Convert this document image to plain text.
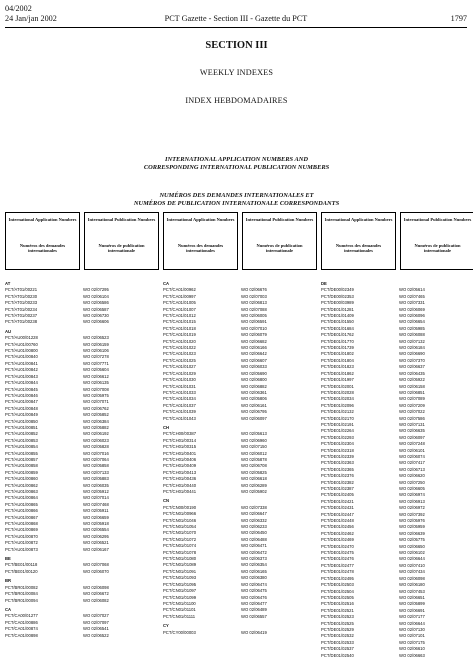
04/2002
24 Jan/jan 2002	PCT Gazette - Section III - Gazette du PCT	1797
SECTION III
WEEKLY INDEXES
INDEX HEBDOMADAIRES
INTERNATIONAL APPLICATION NUMBERS AND
CORRESPONDING INTERNATIONAL PUBLICATION NUMBERS
NUMÉROS DES DEMANDES INTERNATIONALES ET
NUMÉROS DE PUBLICATION INTERNATIONALE CORRESPONDANTS
International Application Numbers
Numéros des demandes internationales
International Publication Numbers
Numéros de publication internationale
International Application Numbers
Numéros des demandes internationales
International Publication Numbers
Numéros de publication internationale
International Application Numbers
Numéros des demandes internationales
International Publication Numbers
Numéros de publication internationale
AT
PCT/AT01/00221	WO 02/07295
PCT/AT01/00230	WO 02/06104
PCT/AT01/00233	WO 02/06586
PCT/AT01/00234	WO 02/06587
PCT/AT01/00237	WO 02/06730
PCT/AT01/00238	WO 02/06606
AU
PCT/AU00/01228	WO 02/06523
PCT/AU01/00760	WO 02/06159
PCT/AU01/00800	WO 02/06106
PCT/AU01/00840	WO 02/07278
PCT/AU01/00841	WO 02/07771
PCT/AU01/00842	WO 02/05604
PCT/AU01/00843	WO 02/06612
PCT/AU01/00844	WO 02/06135
PCT/AU01/00845	WO 02/07008
PCT/AU01/00846	WO 02/05975
PCT/AU01/00847	WO 02/07071
PCT/AU01/00848	WO 02/06762
PCT/AU01/00849	WO 02/05852
PCT/AU01/00850	WO 02/06384
PCT/AU01/00851	WO 02/05882
PCT/AU01/00852	WO 02/06192
PCT/AU01/00853	WO 02/06023
PCT/AU01/00854	WO 02/05828
PCT/AU01/00855	WO 02/07016
PCT/AU01/00857	WO 02/07064
PCT/AU01/00858	WO 02/05858
PCT/AU01/00859	WO 02/07133
PCT/AU01/00860	WO 02/05883
PCT/AU01/00862	WO 02/06035
PCT/AU01/00863	WO 02/05912
PCT/AU01/00864	WO 02/07014
PCT/AU01/00865	WO 02/07468
PCT/AU01/00866	WO 02/05911
PCT/AU01/00867	WO 02/06659
PCT/AU01/00868	WO 02/05918
PCT/AU01/00869	WO 02/06554
PCT/AU01/00870	WO 02/06295
PCT/AU01/00872	WO 02/06521
PCT/AU01/00873	WO 02/06167
BE
PCT/BE01/00118	WO 02/07068
PCT/BE01/00120	WO 02/06070
BR
PCT/BR01/00082	WO 02/06098
PCT/BR01/00084	WO 02/06672
PCT/BR01/00094	WO 02/06082
CA
PCT/CA00/01277	WO 02/07027
PCT/CA01/00886	WO 02/07097
PCT/CA01/00874	WO 02/06541
PCT/CA01/00898	WO 02/06522
CA
PCT/CA01/00962	WO 02/06676
PCT/CA01/00997	WO 02/07003
PCT/CA01/01005	WO 02/06813
PCT/CA01/01007	WO 02/07088
PCT/CA01/01012	WO 02/06005
PCT/CA01/01015	WO 02/06591
PCT/CA01/01018	WO 02/07010
PCT/CA01/01019	WO 02/06079
PCT/CA01/01020	WO 02/06682
PCT/CA01/01022	WO 02/06166
PCT/CA01/01023	WO 02/06642
PCT/CA01/01025	WO 02/06607
PCT/CA01/01027	WO 02/06033
PCT/CA01/01029	WO 02/05690
PCT/CA01/01030	WO 02/06800
PCT/CA01/01031	WO 02/06882
PCT/CA01/01033	WO 02/06361
PCT/CA01/01034	WO 02/05806
PCT/CA01/01037	WO 02/06161
PCT/CA01/01039	WO 02/06795
PCT/CA01/01043	WO 02/06097
CH
PCT/CH00/00387	WO 02/05613
PCT/CH01/00314	WO 02/06960
PCT/CH01/00315	WO 02/07150
PCT/CH01/00401	WO 02/06012
PCT/CH01/00406	WO 02/05878
PCT/CH01/00409	WO 02/06708
PCT/CH01/00413	WO 02/05825
PCT/CH01/00436	WO 02/06618
PCT/CH01/00440	WO 02/06289
PCT/CH01/00441	WO 02/05902
CN
PCT/CN00/00190	WO 02/07338
PCT/CN01/00966	WO 02/06647
PCT/CN01/01046	WO 02/06332
PCT/CN01/01054	WO 02/06233
PCT/CN01/01070	WO 02/06450
PCT/CN01/01072	WO 02/06488
PCT/CN01/01074	WO 02/06471
PCT/CN01/01078	WO 02/06472
PCT/CN01/01080	WO 02/06373
PCT/CN01/01089	WO 02/06354
PCT/CN01/01091	WO 02/06165
PCT/CN01/01093	WO 02/06380
PCT/CN01/01095	WO 02/06474
PCT/CN01/01097	WO 02/06475
PCT/CN01/01099	WO 02/06476
PCT/CN01/01100	WO 02/06477
PCT/CN01/01101	WO 02/06489
PCT/CN01/01111	WO 02/06557
CY
PCT/CY00/00003	WO 02/06419
DE
PCT/DE00/02349	WO 02/05614
PCT/DE00/02353	WO 02/07465
PCT/DE00/03989	WO 02/07331
PCT/DE01/01281	WO 02/06069
PCT/DE01/01409	WO 02/06096
PCT/DE01/01550	WO 02/06654
PCT/DE01/01684	WO 02/05985
PCT/DE01/01762	WO 02/06088
PCT/DE01/01770	WO 02/07132
PCT/DE01/01739	WO 02/06184
PCT/DE01/01802	WO 02/06690
PCT/DE01/01804	WO 02/07370
PCT/DE01/01823	WO 02/06637
PCT/DE01/01862	WO 02/06435
PCT/DE01/01997	WO 02/05922
PCT/DE01/02001	WO 02/06158
PCT/DE01/02028	WO 02/06851
PCT/DE01/02034	WO 02/07089
PCT/DE01/02096	WO 02/07209
PCT/DE01/02132	WO 02/07022
PCT/DE01/02170	WO 02/07586
PCT/DE01/02191	WO 02/07131
PCT/DE01/02264	WO 02/06635
PCT/DE01/02293	WO 02/06097
PCT/DE01/02304	WO 02/07248
PCT/DE01/02318	WO 02/06101
PCT/DE01/02339	WO 02/06074
PCT/DE01/02363	WO 02/07417
PCT/DE01/02365	WO 02/06713
PCT/DE01/02376	WO 02/06620
PCT/DE01/02382	WO 02/07250
PCT/DE01/02387	WO 02/06605
PCT/DE01/02405	WO 02/06974
PCT/DE01/02421	WO 02/06913
PCT/DE01/02431	WO 02/06972
PCT/DE01/02447	WO 02/07392
PCT/DE01/02448	WO 02/05976
PCT/DE01/02456	WO 02/05959
PCT/DE01/02462	WO 02/06639
PCT/DE01/02469	WO 02/05775
PCT/DE01/02470	WO 02/06650
PCT/DE01/02475	WO 02/06102
PCT/DE01/02476	WO 02/06644
PCT/DE01/02477	WO 02/07410
PCT/DE01/02478	WO 02/07434
PCT/DE01/02495	WO 02/06098
PCT/DE01/02503	WO 02/06180
PCT/DE01/02504	WO 02/07453
PCT/DE01/02505	WO 02/06651
PCT/DE01/02516	WO 02/05899
PCT/DE01/02521	WO 02/06691
PCT/DE01/02523	WO 02/07177
PCT/DE01/02525	WO 02/06644
PCT/DE01/02529	WO 02/07130
PCT/DE01/02532	WO 02/07101
PCT/DE01/02533	WO 02/07175
PCT/DE01/02537	WO 02/06610
PCT/DE01/02540	WO 02/06663
